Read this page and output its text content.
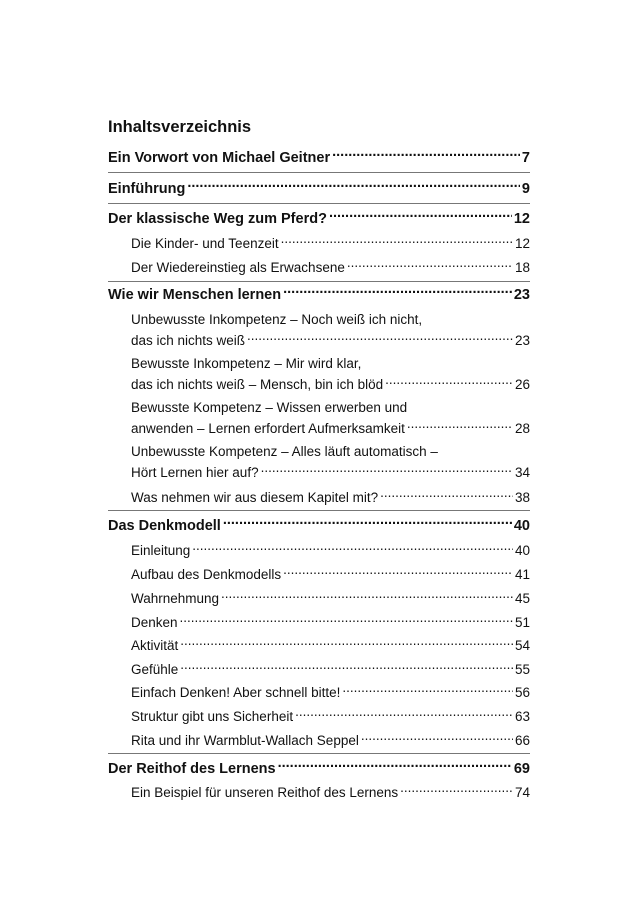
Inhaltsverzeichnis
Ein Vorwort von Michael Geitner .....	7
Einführung .....	9
Der klassische Weg zum Pferd? .....	12
Die Kinder- und Teenzeit .....	12
Der Wiedereinstieg als Erwachsene .....	18
Wie wir Menschen lernen .....	23
Unbewusste Inkompetenz – Noch weiß ich nicht,
das ich nichts weiß .....	23
Bewusste Inkompetenz – Mir wird klar,
das ich nichts weiß – Mensch, bin ich blöd .....	26
Bewusste Kompetenz – Wissen erwerben und
anwenden – Lernen erfordert Aufmerksamkeit .....	28
Unbewusste Kompetenz – Alles läuft automatisch –
Hört Lernen hier auf? .....	34
Was nehmen wir aus diesem Kapitel mit? .....	38
Das Denkmodell .....	40
Einleitung .....	40
Aufbau des Denkmodells .....	41
Wahrnehmung .....	45
Denken .....	51
Aktivität .....	54
Gefühle .....	55
Einfach Denken! Aber schnell bitte! .....	56
Struktur gibt uns Sicherheit .....	63
Rita und ihr Warmblut-Wallach Seppel .....	66
Der Reithof des Lernens .....	69
Ein Beispiel für unseren Reithof des Lernens .....	74
